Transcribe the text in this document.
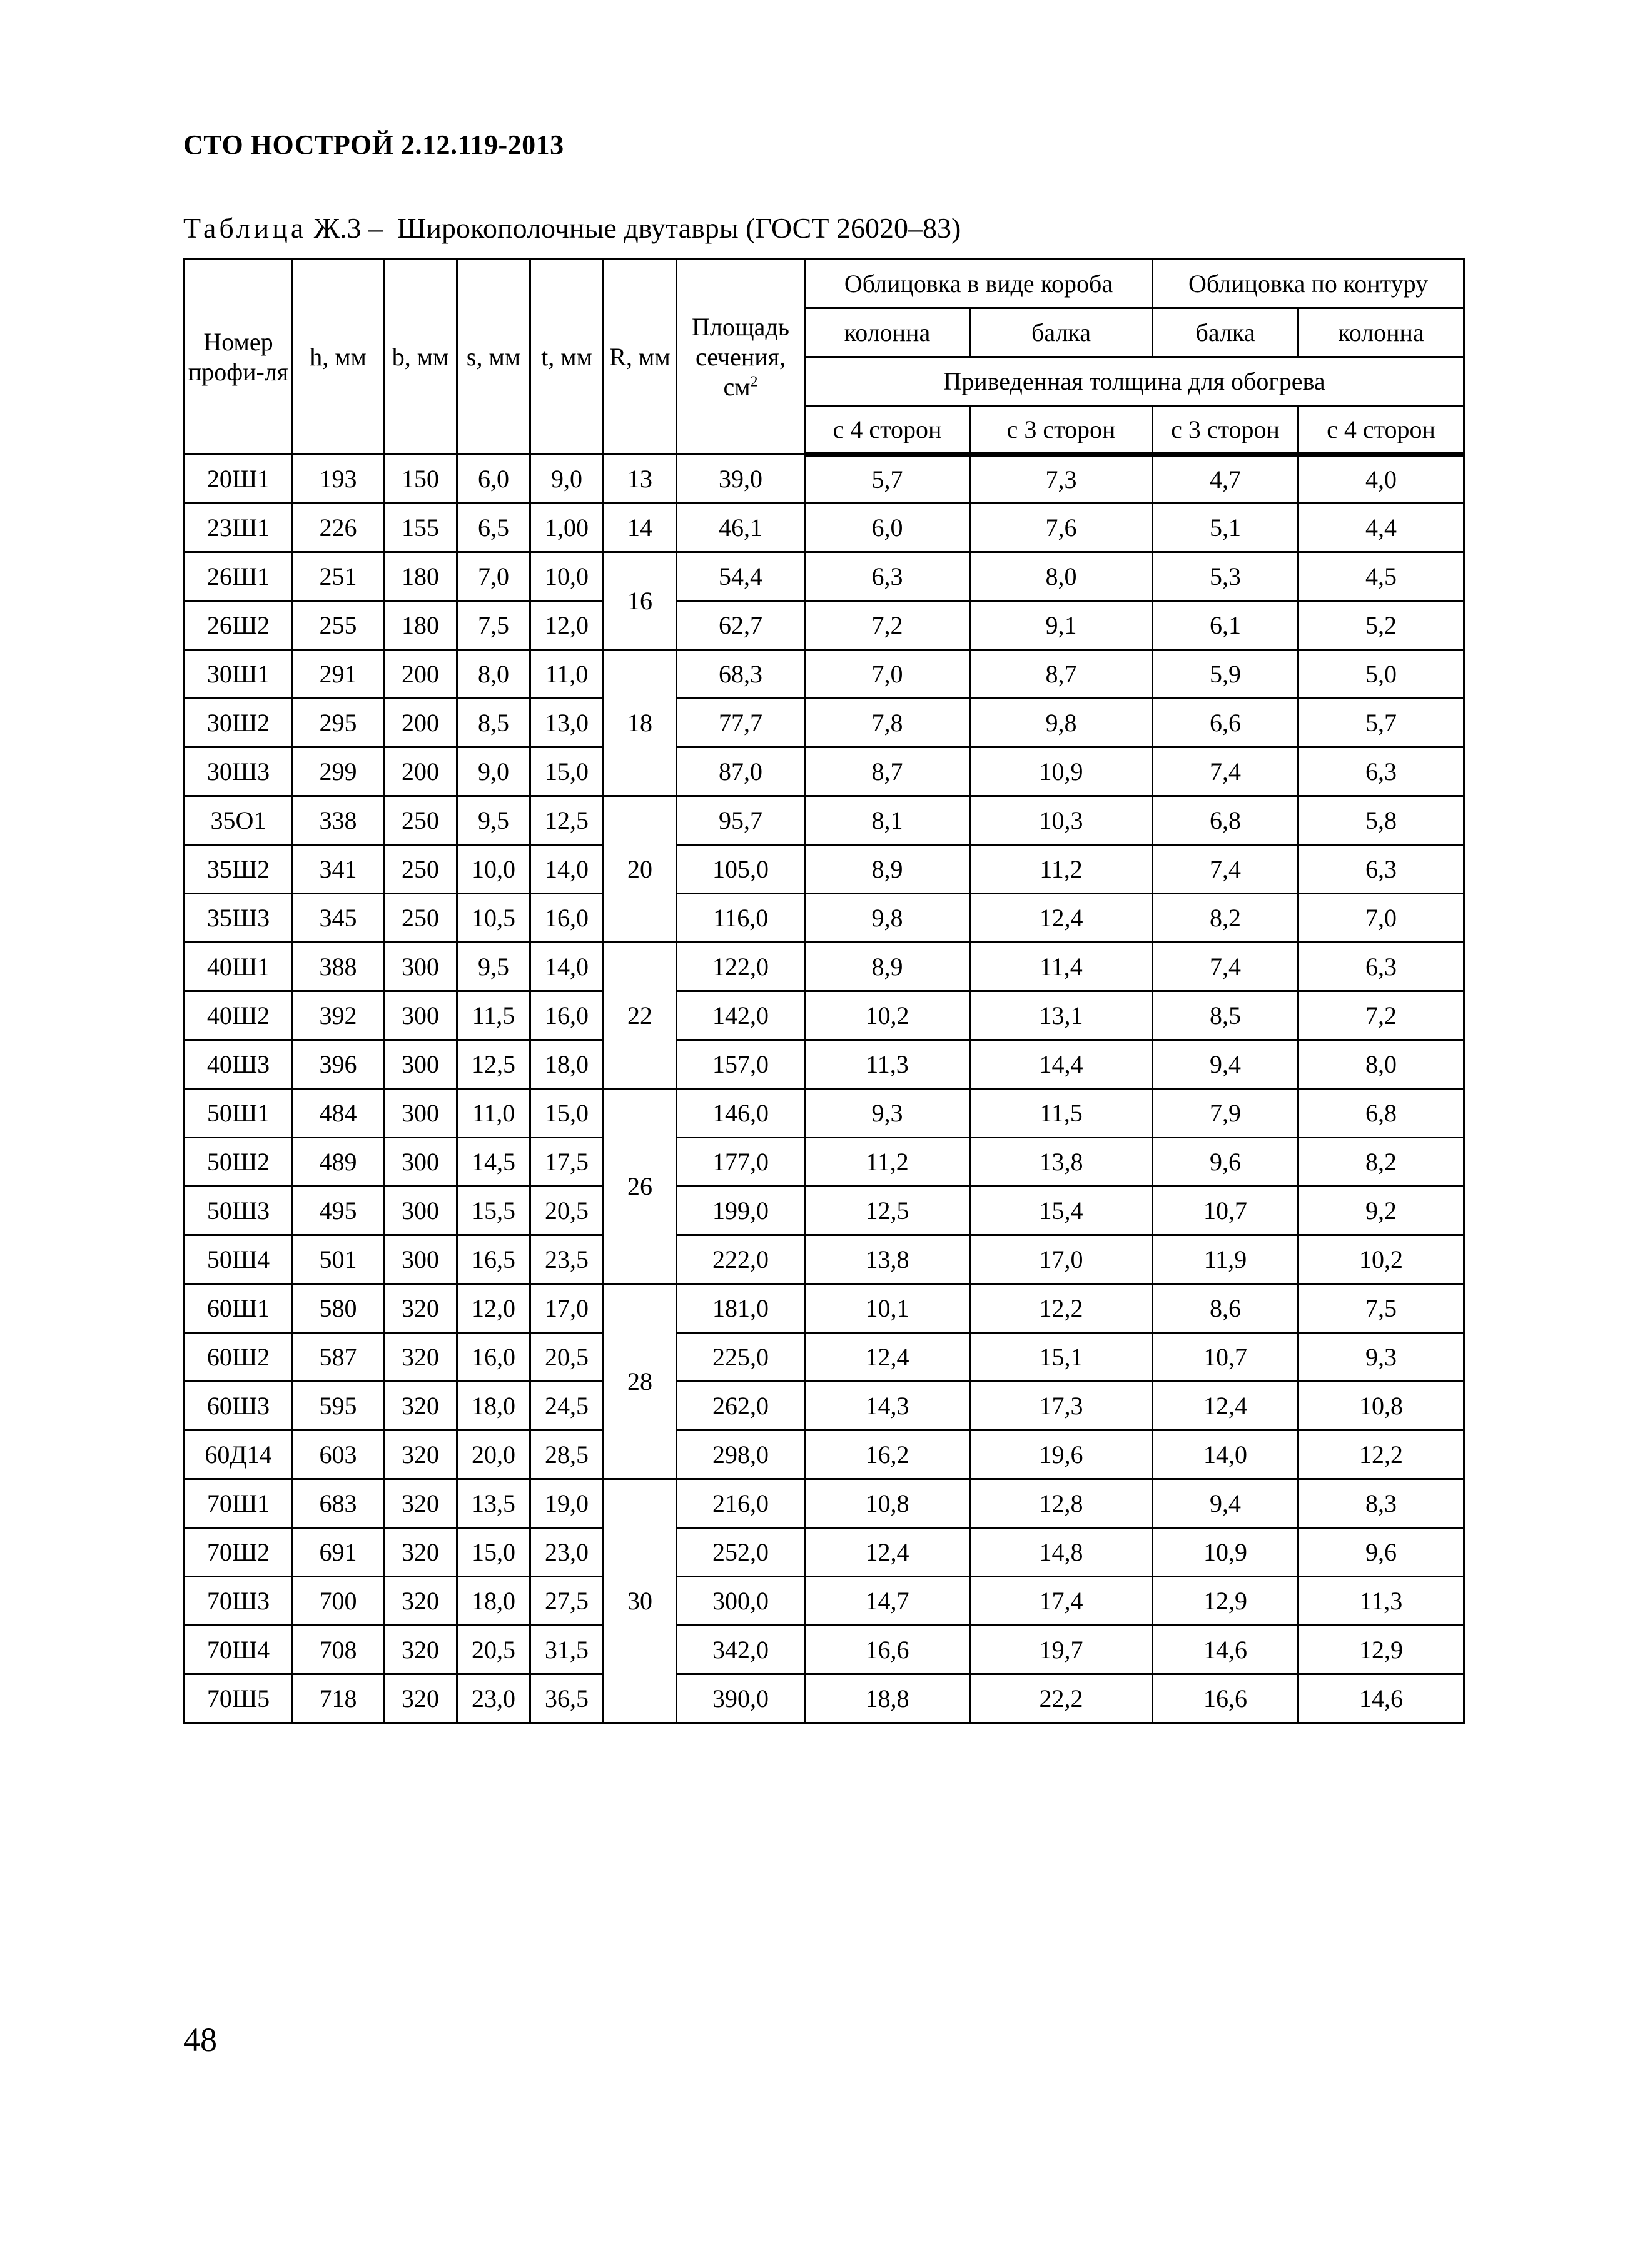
СТО НОСТРОЙ 2.12.119-2013
Таблица Ж.3 – Широкополочные двутавры (ГОСТ 26020–83)
Номер профи-ля	h, мм	b, мм	s, мм	t, мм	R, мм	Площадь сечения, $см^2$	Облицовка в виде короба		Облицовка по контуру	
							колонна	балка	балка	колонна
							Приведенная толщина для обогрева			
							с 4 сторон	с 3 сторон	с 3 сторон	с 4 сторон
20Ш1	193	150	6,0	9,0	13	39,0	5,7	7,3	4,7	4,0
23Ш1	226	155	6,5	1,00	14	46,1	6,0	7,6	5,1	4,4
26Ш1	251	180	7,0	10,0	16	54,4	6,3	8,0	5,3	4,5
26Ш2	255	180	7,5	12,0		62,7	7,2	9,1	6,1	5,2
30Ш1	291	200	8,0	11,0	18	68,3	7,0	8,7	5,9	5,0
30Ш2	295	200	8,5	13,0		77,7	7,8	9,8	6,6	5,7
30Ш3	299	200	9,0	15,0		87,0	8,7	10,9	7,4	6,3
35О1	338	250	9,5	12,5	20	95,7	8,1	10,3	6,8	5,8
35Ш2	341	250	10,0	14,0		105,0	8,9	11,2	7,4	6,3
35Ш3	345	250	10,5	16,0		116,0	9,8	12,4	8,2	7,0
40Ш1	388	300	9,5	14,0	22	122,0	8,9	11,4	7,4	6,3
40Ш2	392	300	11,5	16,0		142,0	10,2	13,1	8,5	7,2
40Ш3	396	300	12,5	18,0		157,0	11,3	14,4	9,4	8,0
50Ш1	484	300	11,0	15,0	26	146,0	9,3	11,5	7,9	6,8
50Ш2	489	300	14,5	17,5		177,0	11,2	13,8	9,6	8,2
50Ш3	495	300	15,5	20,5		199,0	12,5	15,4	10,7	9,2
50Ш4	501	300	16,5	23,5		222,0	13,8	17,0	11,9	10,2
60Ш1	580	320	12,0	17,0	28	181,0	10,1	12,2	8,6	7,5
60Ш2	587	320	16,0	20,5		225,0	12,4	15,1	10,7	9,3
60Ш3	595	320	18,0	24,5		262,0	14,3	17,3	12,4	10,8
60Д14	603	320	20,0	28,5		298,0	16,2	19,6	14,0	12,2
70Ш1	683	320	13,5	19,0	30	216,0	10,8	12,8	9,4	8,3
70Ш2	691	320	15,0	23,0		252,0	12,4	14,8	10,9	9,6
70Ш3	700	320	18,0	27,5		300,0	14,7	17,4	12,9	11,3
70Ш4	708	320	20,5	31,5		342,0	16,6	19,7	14,6	12,9
70Ш5	718	320	23,0	36,5		390,0	18,8	22,2	16,6	14,6
48
